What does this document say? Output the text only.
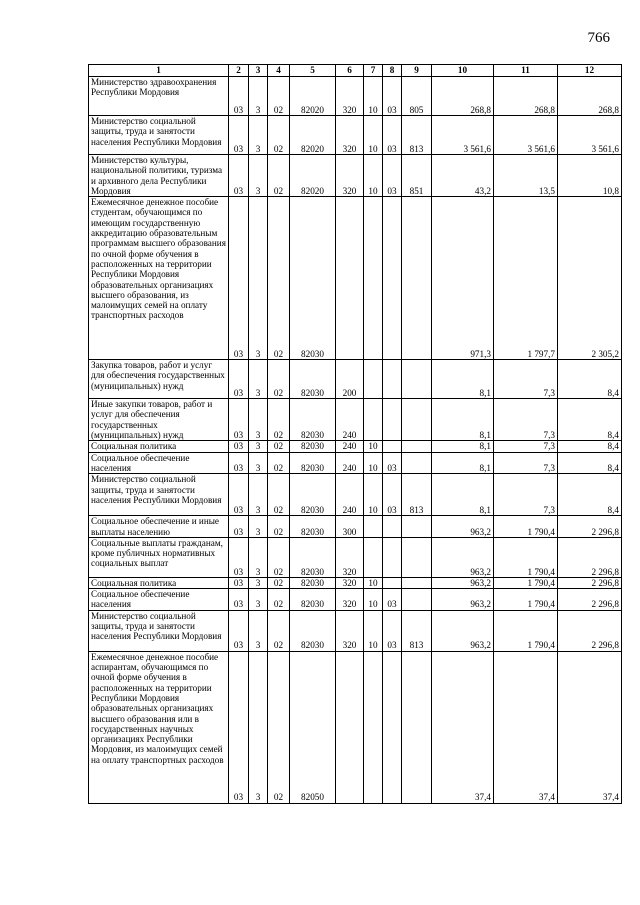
766
1	2	3	4	5	6	7	8	9	10	11	12
Министерство здравоохранения Республики Мордовия	03	3	02	82020	320	10	03	805	268,8	268,8	268,8
Министерство социальной защиты, труда и занятости населения Республики Мордовия	03	3	02	82020	320	10	03	813	3 561,6	3 561,6	3 561,6
Министерство культуры, национальной политики, туризма и архивного дела Республики Мордовия	03	3	02	82020	320	10	03	851	43,2	13,5	10,8
Ежемесячное денежное пособие студентам, обучающимся по имеющим государственную аккредитацию образовательным программам высшего образования по очной форме обучения в расположенных на территории Республики Мордовия образовательных организациях высшего образования, из малоимущих семей на оплату транспортных расходов	03	3	02	82030					971,3	1 797,7	2 305,2
Закупка товаров, работ и услуг для обеспечения государственных (муниципальных) нужд	03	3	02	82030	200				8,1	7,3	8,4
Иные закупки товаров, работ и услуг для обеспечения государственных (муниципальных) нужд	03	3	02	82030	240				8,1	7,3	8,4
Социальная политика	03	3	02	82030	240	10			8,1	7,3	8,4
Социальное обеспечение населения	03	3	02	82030	240	10	03		8,1	7,3	8,4
Министерство социальной защиты, труда и занятости населения Республики Мордовия	03	3	02	82030	240	10	03	813	8,1	7,3	8,4
Социальное обеспечение и иные выплаты населению	03	3	02	82030	300				963,2	1 790,4	2 296,8
Социальные выплаты гражданам, кроме публичных нормативных социальных выплат	03	3	02	82030	320				963,2	1 790,4	2 296,8
Социальная политика	03	3	02	82030	320	10			963,2	1 790,4	2 296,8
Социальное обеспечение населения	03	3	02	82030	320	10	03		963,2	1 790,4	2 296,8
Министерство социальной защиты, труда и занятости населения Республики Мордовия	03	3	02	82030	320	10	03	813	963,2	1 790,4	2 296,8
Ежемесячное денежное пособие аспирантам, обучающимся по очной форме обучения в расположенных на территории Республики Мордовия образовательных организациях высшего образования или в государственных научных организациях Республики Мордовия, из малоимущих семей на оплату транспортных расходов	03	3	02	82050					37,4	37,4	37,4
